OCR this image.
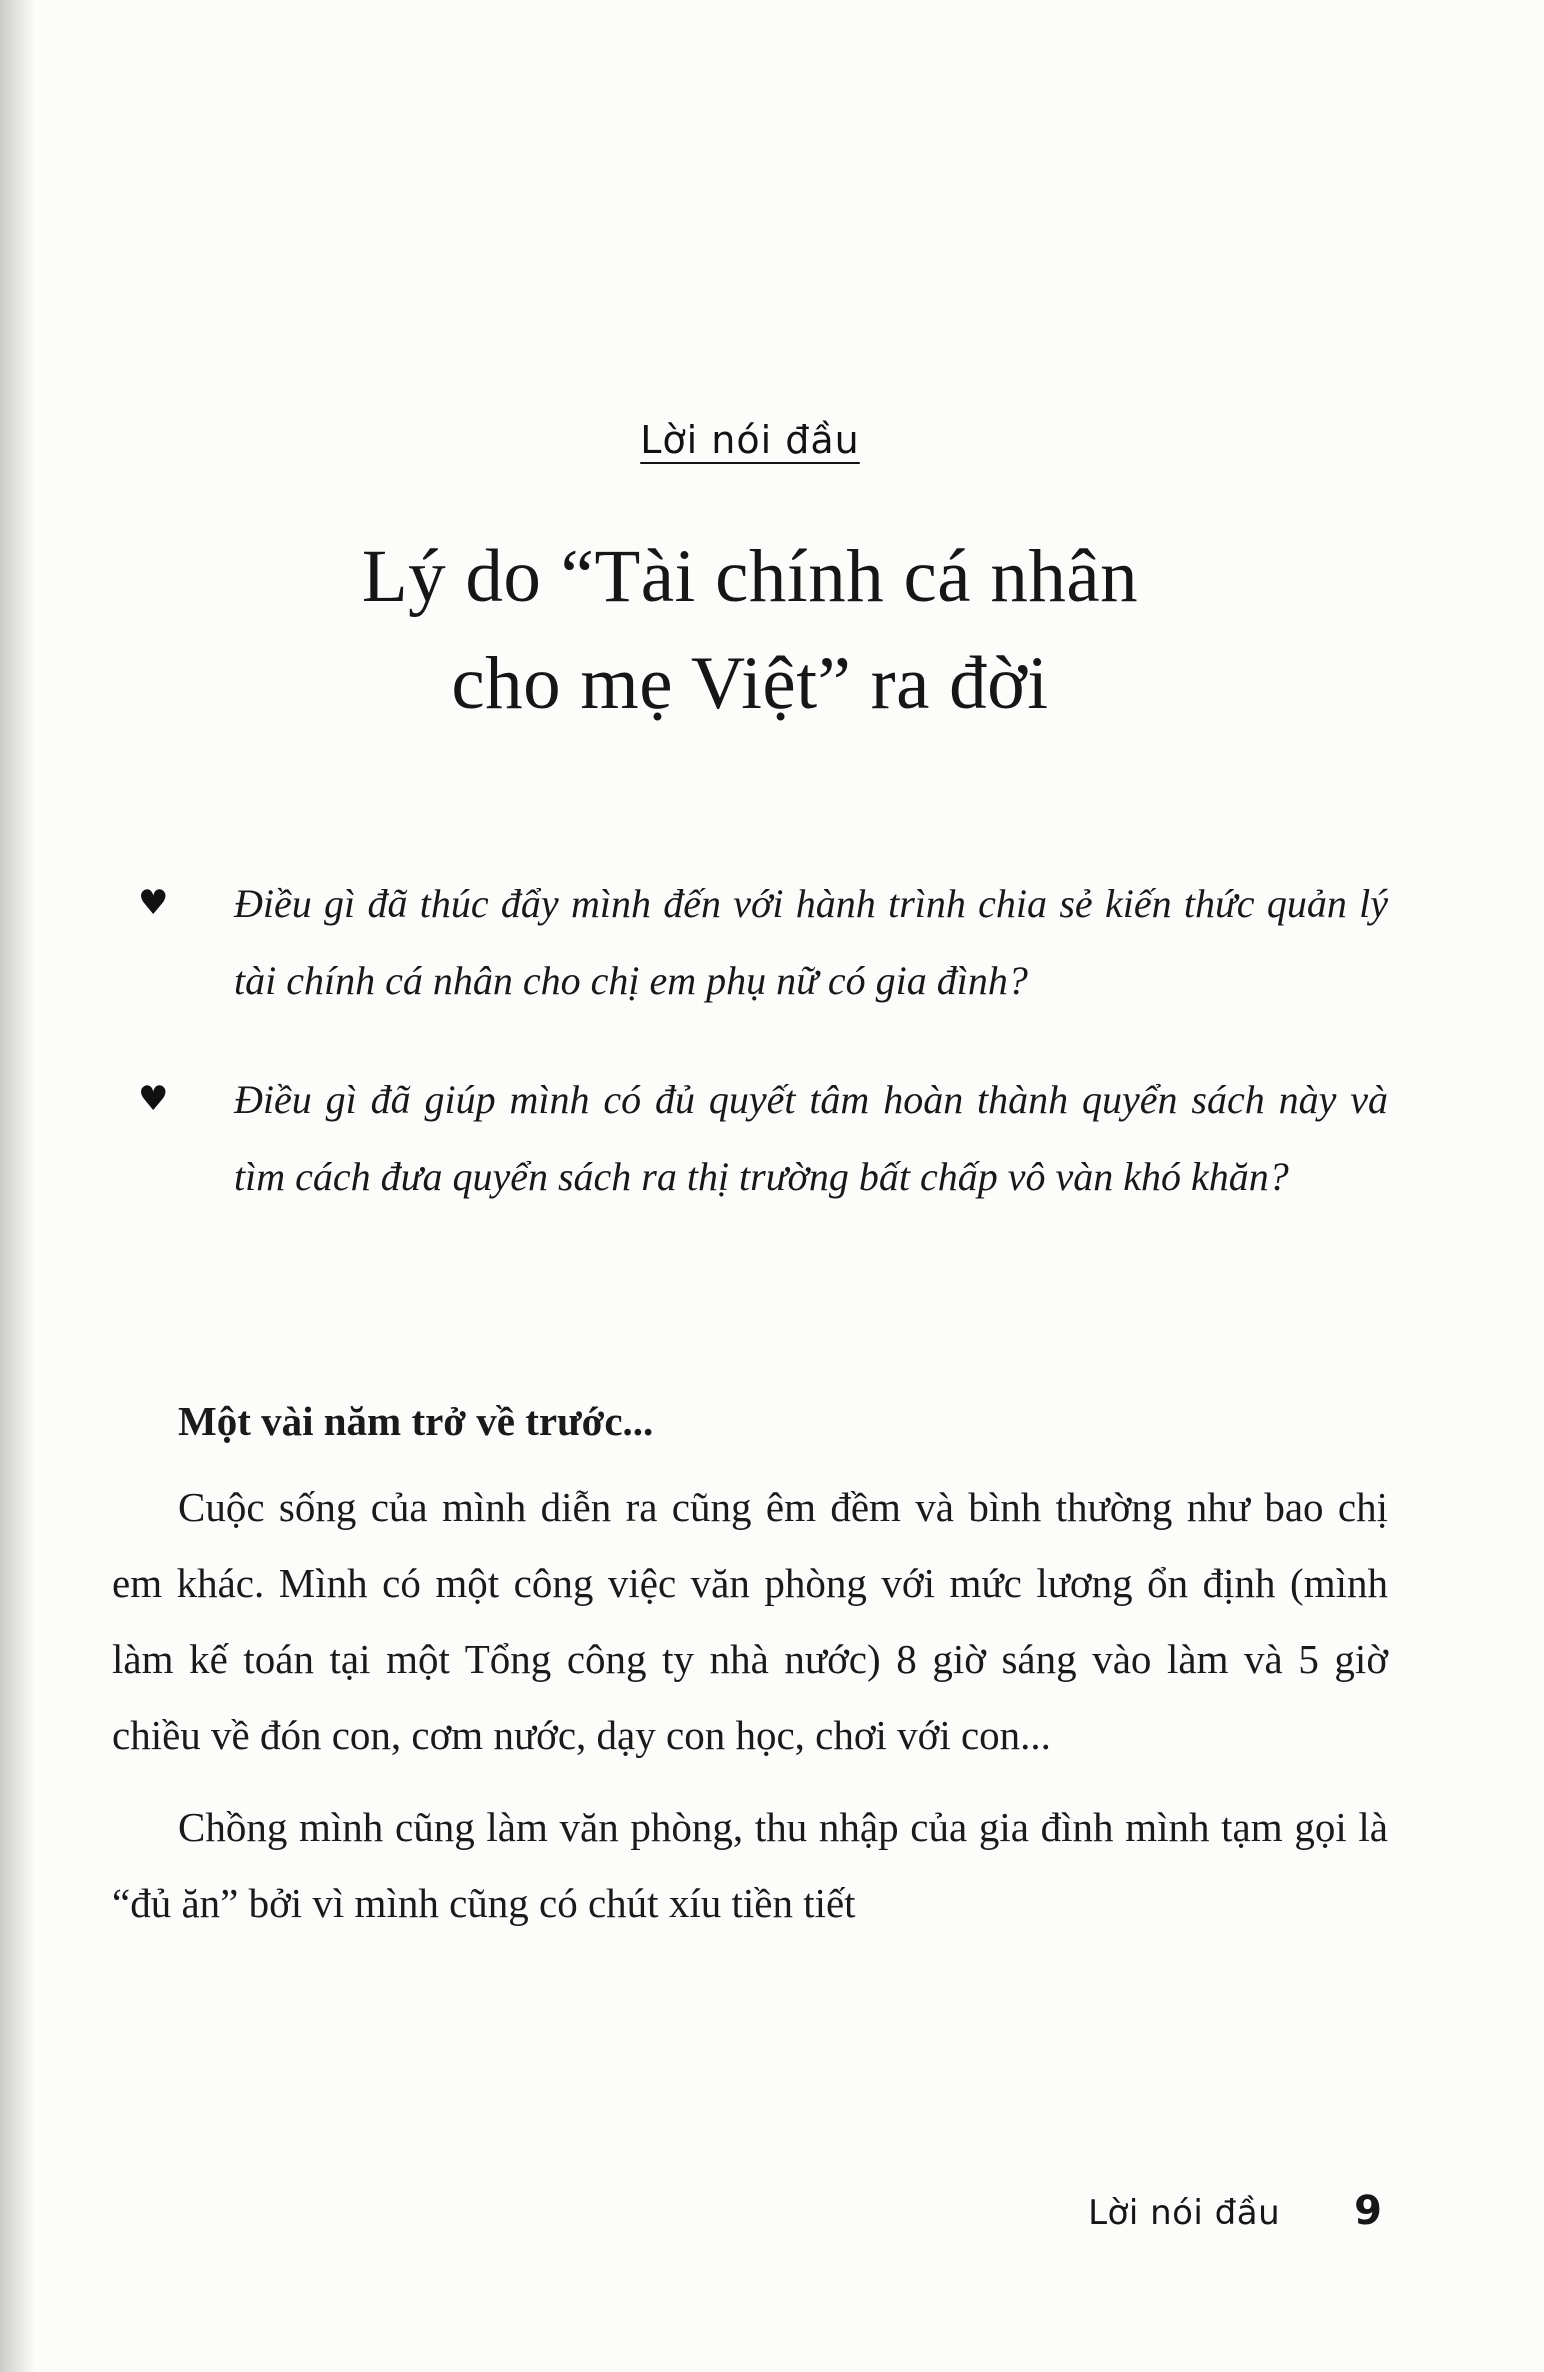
Lời nói đầu
Lý do “Tài chính cá nhân
cho mẹ Việt” ra đời
♥	Điều gì đã thúc đẩy mình đến với hành trình chia sẻ kiến thức quản lý tài chính cá nhân cho chị em phụ nữ có gia đình?
♥	Điều gì đã giúp mình có đủ quyết tâm hoàn thành quyển sách này và tìm cách đưa quyển sách ra thị trường bất chấp vô vàn khó khăn?

Một vài năm trở về trước...

Cuộc sống của mình diễn ra cũng êm đềm và bình thường như bao chị em khác. Mình có một công việc văn phòng với mức lương ổn định (mình làm kế toán tại một Tổng công ty nhà nước) 8 giờ sáng vào làm và 5 giờ chiều về đón con, cơm nước, dạy con học, chơi với con...

Chồng mình cũng làm văn phòng, thu nhập của gia đình mình tạm gọi là “đủ ăn” bởi vì mình cũng có chút xíu tiền tiết

Lời nói đầu 9
